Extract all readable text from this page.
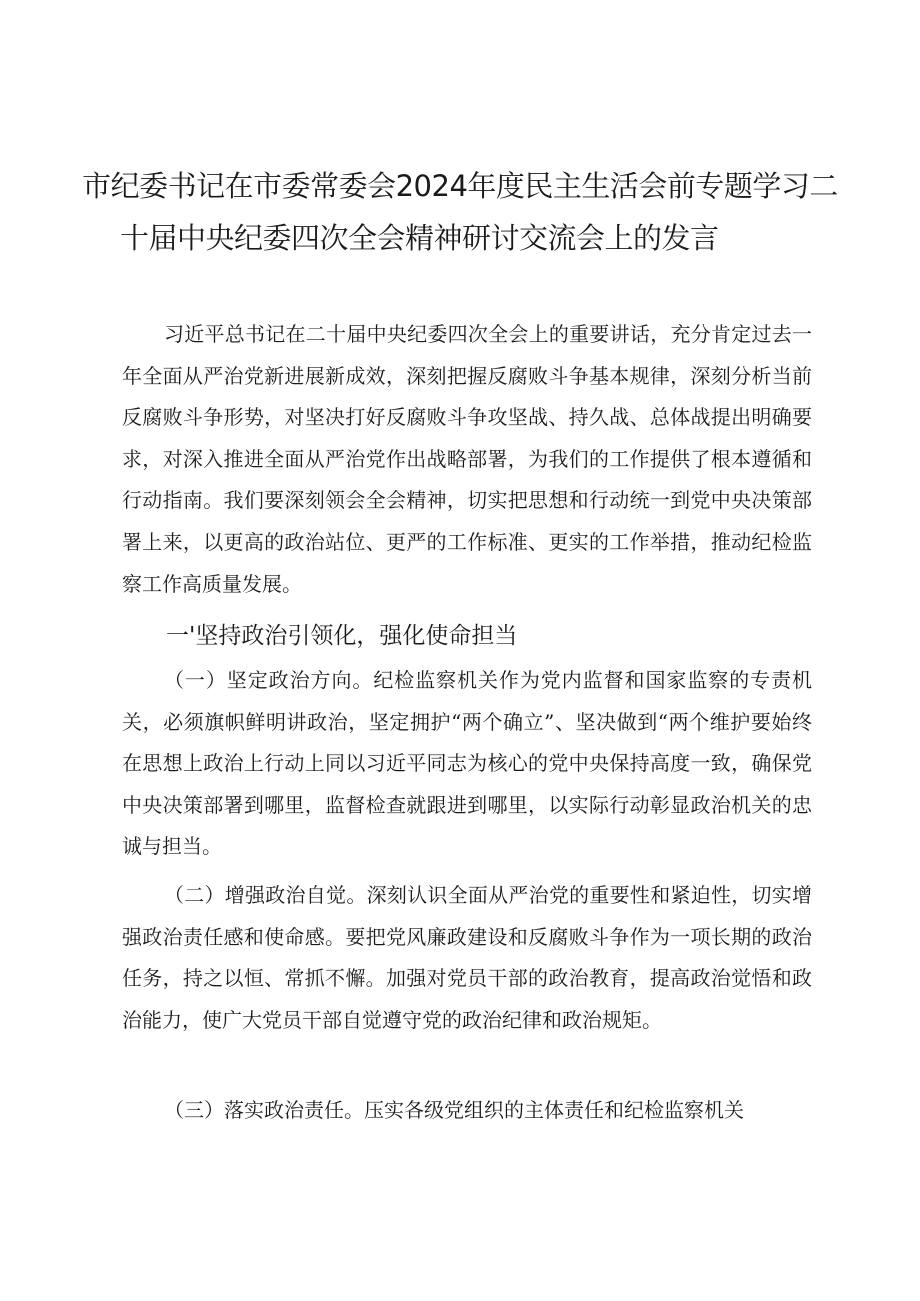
市纪委书记在市委常委会2024年度民主生活会前专题学习二
十届中央纪委四次全会精神研讨交流会上的发言

习近平总书记在二十届中央纪委四次全会上的重要讲话，充分肯定过去一年全面从严治党新进展新成效，深刻把握反腐败斗争基本规律，深刻分析当前反腐败斗争形势，对坚决打好反腐败斗争攻坚战、持久战、总体战提出明确要求，对深入推进全面从严治党作出战略部署，为我们的工作提供了根本遵循和行动指南。我们要深刻领会全会精神，切实把思想和行动统一到党中央决策部署上来，以更高的政治站位、更严的工作标准、更实的工作举措，推动纪检监察工作高质量发展。

一'坚持政治引领化，强化使命担当

（一）坚定政治方向。纪检监察机关作为党内监督和国家监察的专责机关，必须旗帜鲜明讲政治，坚定拥护“两个确立”、坚决做到“两个维护要始终在思想上政治上行动上同以习近平同志为核心的党中央保持高度一致，确保党中央决策部署到哪里，监督检查就跟进到哪里，以实际行动彰显政治机关的忠诚与担当。

（二）增强政治自觉。深刻认识全面从严治党的重要性和紧迫性，切实增强政治责任感和使命感。要把党风廉政建设和反腐败斗争作为一项长期的政治任务，持之以恒、常抓不懈。加强对党员干部的政治教育，提高政治觉悟和政治能力，使广大党员干部自觉遵守党的政治纪律和政治规矩。

（三）落实政治责任。压实各级党组织的主体责任和纪检监察机关
